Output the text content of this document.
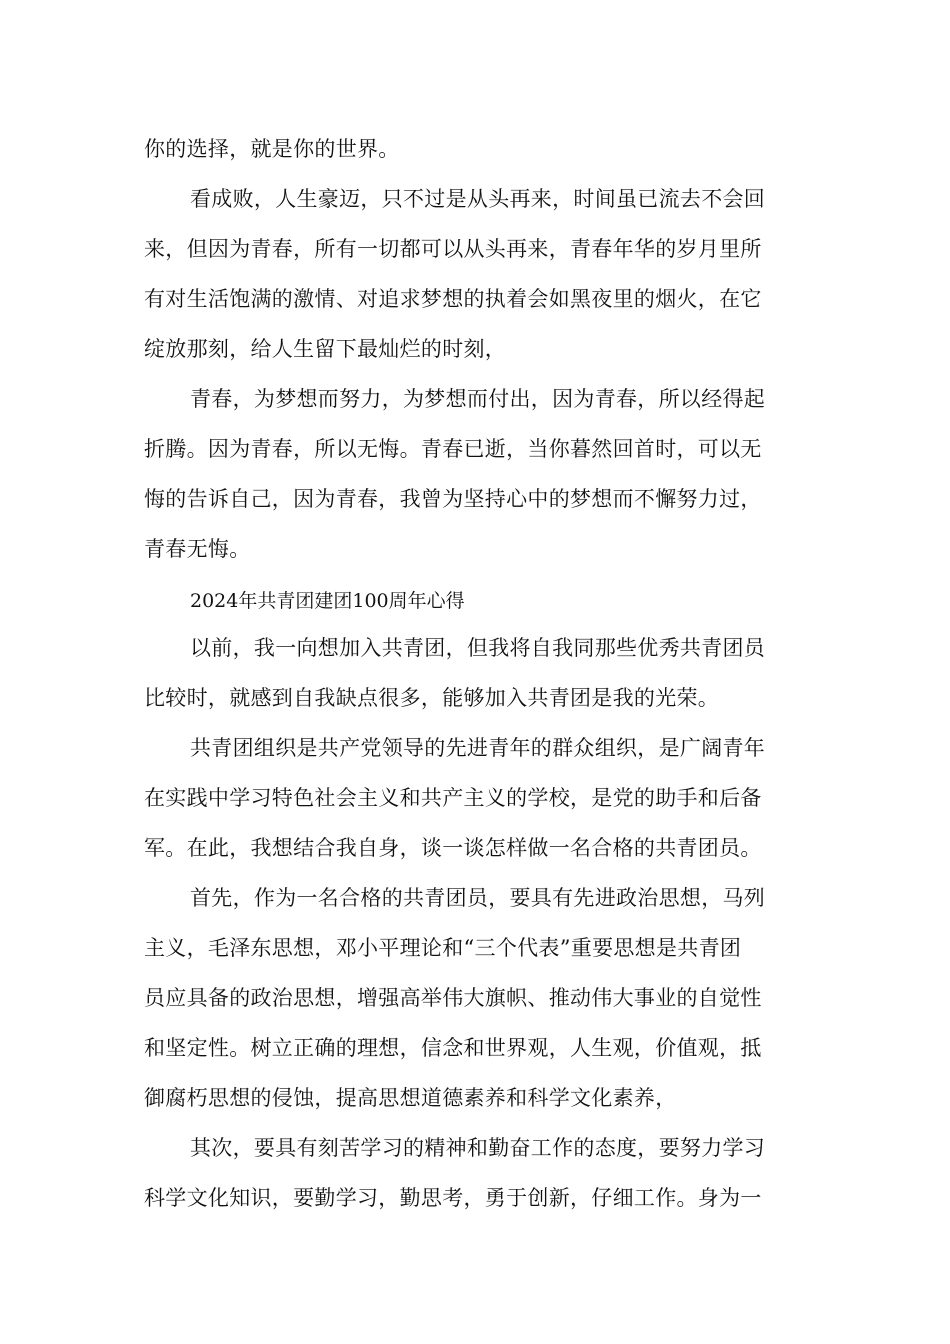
你的选择，就是你的世界。

看成败，人生豪迈，只不过是从头再来，时间虽已流去不会回

来，但因为青春，所有一切都可以从头再来，青春年华的岁月里所

有对生活饱满的激情、对追求梦想的执着会如黑夜里的烟火，在它

绽放那刻，给人生留下最灿烂的时刻，

青春，为梦想而努力，为梦想而付出，因为青春，所以经得起

折腾。因为青春，所以无悔。青春已逝，当你暮然回首时，可以无

悔的告诉自己，因为青春，我曾为坚持心中的梦想而不懈努力过，

青春无悔。

2024年共青团建团100周年心得

以前，我一向想加入共青团，但我将自我同那些优秀共青团员

比较时，就感到自我缺点很多，能够加入共青团是我的光荣。

共青团组织是共产党领导的先进青年的群众组织，是广阔青年

在实践中学习特色社会主义和共产主义的学校，是党的助手和后备

军。在此，我想结合我自身，谈一谈怎样做一名合格的共青团员。

首先，作为一名合格的共青团员，要具有先进政治思想，马列

主义，毛泽东思想，邓小平理论和“三个代表”重要思想是共青团

员应具备的政治思想，增强高举伟大旗帜、推动伟大事业的自觉性

和坚定性。树立正确的理想，信念和世界观，人生观，价值观，抵

御腐朽思想的侵蚀，提高思想道德素养和科学文化素养，

其次，要具有刻苦学习的精神和勤奋工作的态度，要努力学习

科学文化知识，要勤学习，勤思考，勇于创新，仔细工作。身为一
